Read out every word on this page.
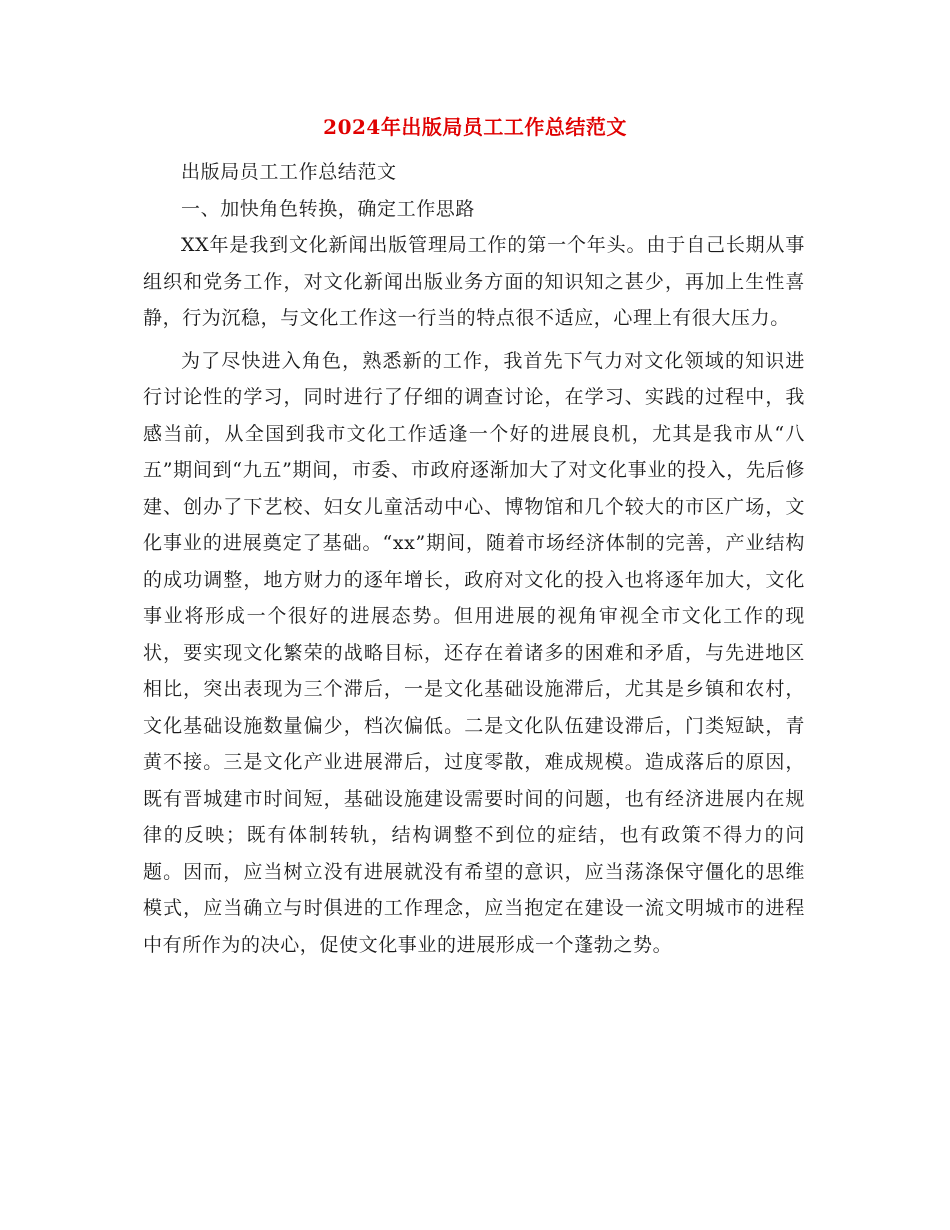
2024年出版局员工工作总结范文

出版局员工工作总结范文

一、加快角色转换，确定工作思路

XX年是我到文化新闻出版管理局工作的第一个年头。由于自己长期从事组织和党务工作，对文化新闻出版业务方面的知识知之甚少，再加上生性喜静，行为沉稳，与文化工作这一行当的特点很不适应，心理上有很大压力。

为了尽快进入角色，熟悉新的工作，我首先下气力对文化领域的知识进行讨论性的学习，同时进行了仔细的调查讨论，在学习、实践的过程中，我感当前，从全国到我市文化工作适逢一个好的进展良机，尤其是我市从“八五”期间到“九五”期间，市委、市政府逐渐加大了对文化事业的投入，先后修建、创办了下艺校、妇女儿童活动中心、博物馆和几个较大的市区广场，文化事业的进展奠定了基础。“xx”期间，随着市场经济体制的完善，产业结构的成功调整，地方财力的逐年增长，政府对文化的投入也将逐年加大，文化事业将形成一个很好的进展态势。但用进展的视角审视全市文化工作的现状，要实现文化繁荣的战略目标，还存在着诸多的困难和矛盾，与先进地区相比，突出表现为三个滞后，一是文化基础设施滞后，尤其是乡镇和农村，文化基础设施数量偏少，档次偏低。二是文化队伍建设滞后，门类短缺，青黄不接。三是文化产业进展滞后，过度零散，难成规模。造成落后的原因，既有晋城建市时间短，基础设施建设需要时间的问题，也有经济进展内在规律的反映；既有体制转轨，结构调整不到位的症结，也有政策不得力的问题。因而，应当树立没有进展就没有希望的意识，应当荡涤保守僵化的思维模式，应当确立与时俱进的工作理念，应当抱定在建设一流文明城市的进程中有所作为的决心，促使文化事业的进展形成一个蓬勃之势。
